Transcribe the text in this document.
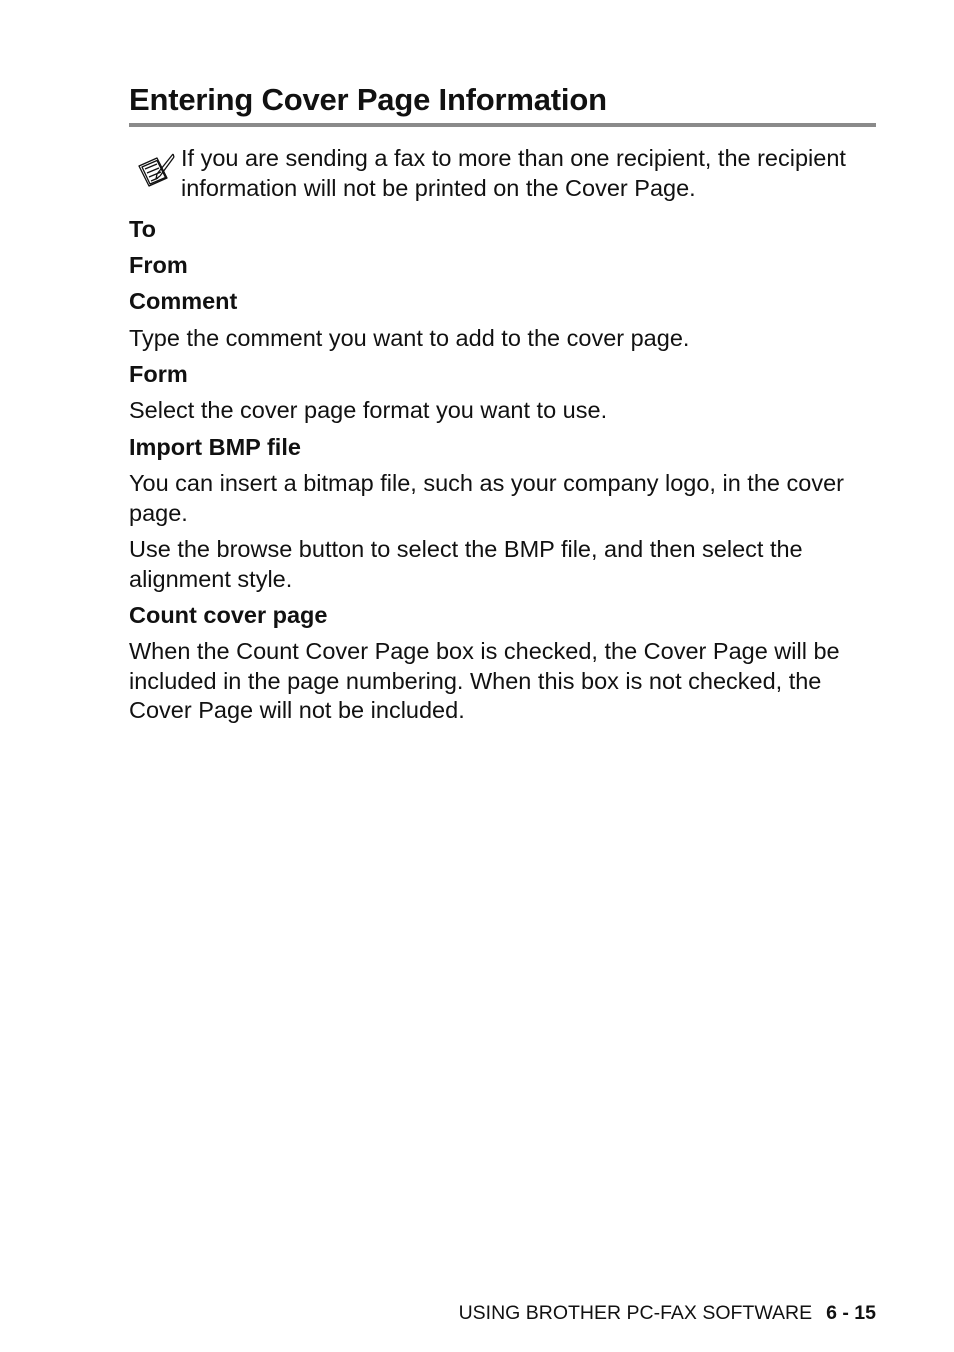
Entering Cover Page Information

If you are sending a fax to more than one recipient, the recipient information will not be printed on the Cover Page.

To
From
Comment

Type the comment you want to add to the cover page.

Form

Select the cover page format you want to use.

Import BMP file

You can insert a bitmap file, such as your company logo, in the cover page.

Use the browse button to select the BMP file, and then select the alignment style.

Count cover page

When the Count Cover Page box is checked, the Cover Page will be included in the page numbering. When this box is not checked, the Cover Page will not be included.

USING BROTHER PC-FAX SOFTWARE 6 - 15
